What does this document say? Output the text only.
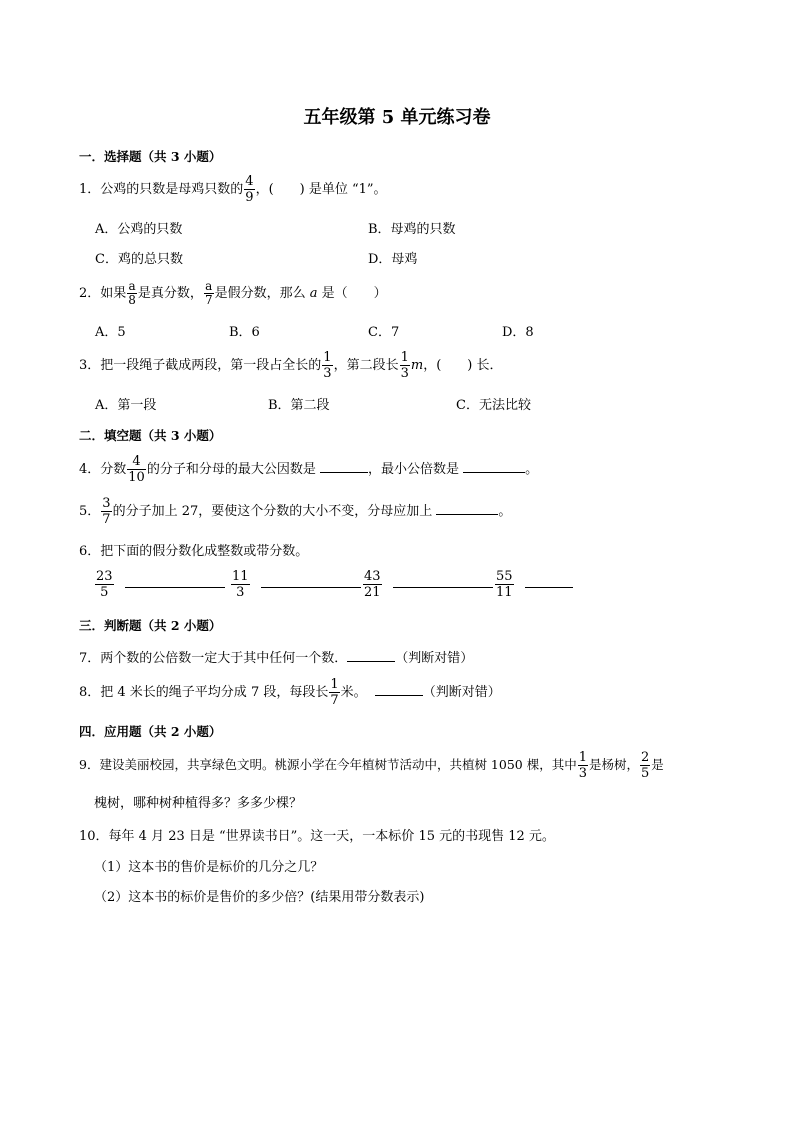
五年级第 5 单元练习卷
一．选择题（共 3 小题）
1．公鸡的只数是母鸡只数的 $\frac{4}{9}$ ，(　　) 是单位 “1”。
A．公鸡的只数	B．母鸡的只数
C．鸡的总只数	D．母鸡
2．如果 $\frac{a}{8}$ 是真分数， $\frac{a}{7}$ 是假分数，那么 a 是（　　）
A．5	B．6	C．7	D．8
3．把一段绳子截成两段，第一段占全长的 $\frac{1}{3}$ ，第二段长 $\frac{1}{3}$ m，(　　) 长．
A．第一段	B．第二段	C．无法比较
二．填空题（共 3 小题）
4．分数 $\frac{4}{10}$ 的分子和分母的最大公因数是	，最小公倍数是	。
5． $\frac{3}{7}$ 的分子加上 27，要使这个分数的大小不变，分母应加上	。
6．把下面的假分数化成整数或带分数。
$\frac{23}{5}$
	$\frac{11}{3}$
	$\frac{43}{21}$
	$\frac{55}{11}$

三．判断题（共 2 小题）
7．两个数的公倍数一定大于其中任何一个数．	（判断对错）
8．把 4 米长的绳子平均分成 7 段，每段长 $\frac{1}{7}$ 米。	（判断对错）
四．应用题（共 2 小题）
9．建设美丽校园，共享绿色文明。桃源小学在今年植树节活动中，共植树 1050 棵，其中 $\frac{1}{3}$ 是杨树， $\frac{2}{5}$ 是
槐树，哪种树种植得多？多多少棵？
10．每年 4 月 23 日是 “世界读书日”。这一天，一本标价 15 元的书现售 12 元。
（1）这本书的售价是标价的几分之几？
（2）这本书的标价是售价的多少倍？(结果用带分数表示)
